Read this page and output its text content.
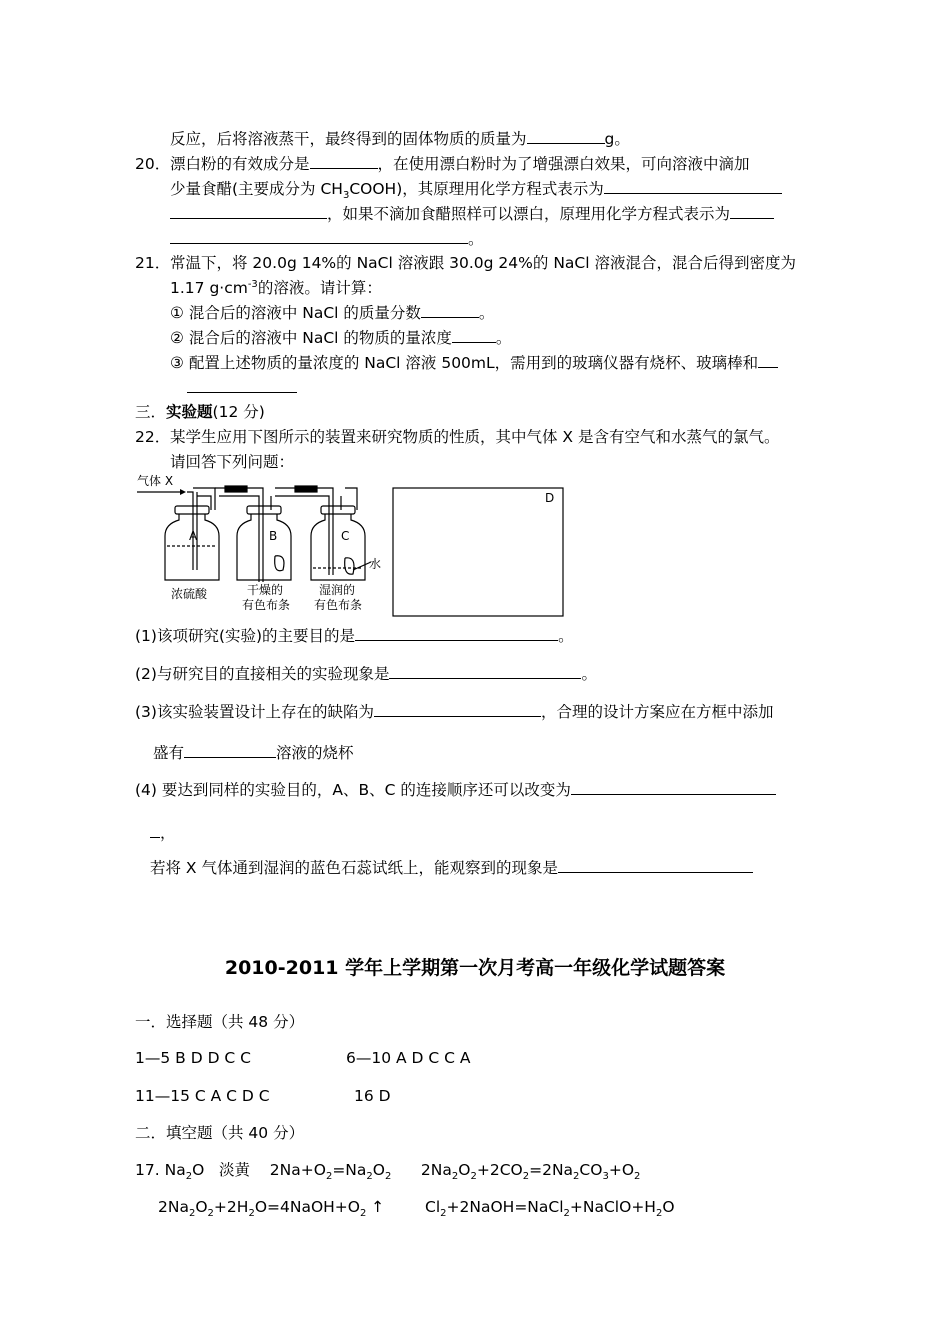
反应，后将溶液蒸干，最终得到的固体物质的质量为	g。
20．漂白粉的有效成分是	，在使用漂白粉时为了增强漂白效果，可向溶液中滴加
少量食醋(主要成分为 $CH_3COOH$)，其原理用化学方程式表示为
，如果不滴加食醋照样可以漂白，原理用化学方程式表示为
。
21．常温下，将 20.0g 14%的 NaCl 溶液跟 30.0g 24%的 NaCl 溶液混合，混合后得到密度为
1.17 $g\cdot cm^{-3}$的溶液。请计算：
① 混合后的溶液中 NaCl 的质量分数	。
② 混合后的溶液中 NaCl 的物质的量浓度	。
③ 配置上述物质的量浓度的 NaCl 溶液 500mL，需用到的玻璃仪器有烧杯、玻璃棒和
三．实验题(12 分)
22．某学生应用下图所示的装置来研究物质的性质，其中气体 X 是含有空气和水蒸气的氯气。
请回答下列问题：
气体 X
A
浓硫酸
B
干燥的
有色布条
水
C
湿润的
有色布条
D
(1)该项研究(实验)的主要目的是	。
(2)与研究目的直接相关的实验现象是	。
(3)该实验装置设计上存在的缺陷为	，合理的设计方案应在方框中添加
盛有	溶液的烧杯
(4) 要达到同样的实验目的，A、B、C 的连接顺序还可以改变为
，
若将 X 气体通到湿润的蓝色石蕊试纸上，能观察到的现象是
2010-2011 学年上学期第一次月考高一年级化学试题答案
一．选择题（共 48 分）
1—5 B D D C C	6—10 A D C C A
11—15 C A C D C	16 D
二．填空题（共 40 分）
17. $Na_2O$ 淡黄 $2Na+O_2=Na_2O_2$ $2Na_2O_2+2CO_2=2Na_2CO_3+O_2$
$2Na_2O_2+2H_2O=4NaOH+O_2$ ↑	$Cl_2+2NaOH=NaCl_2+NaClO+H_2O$
